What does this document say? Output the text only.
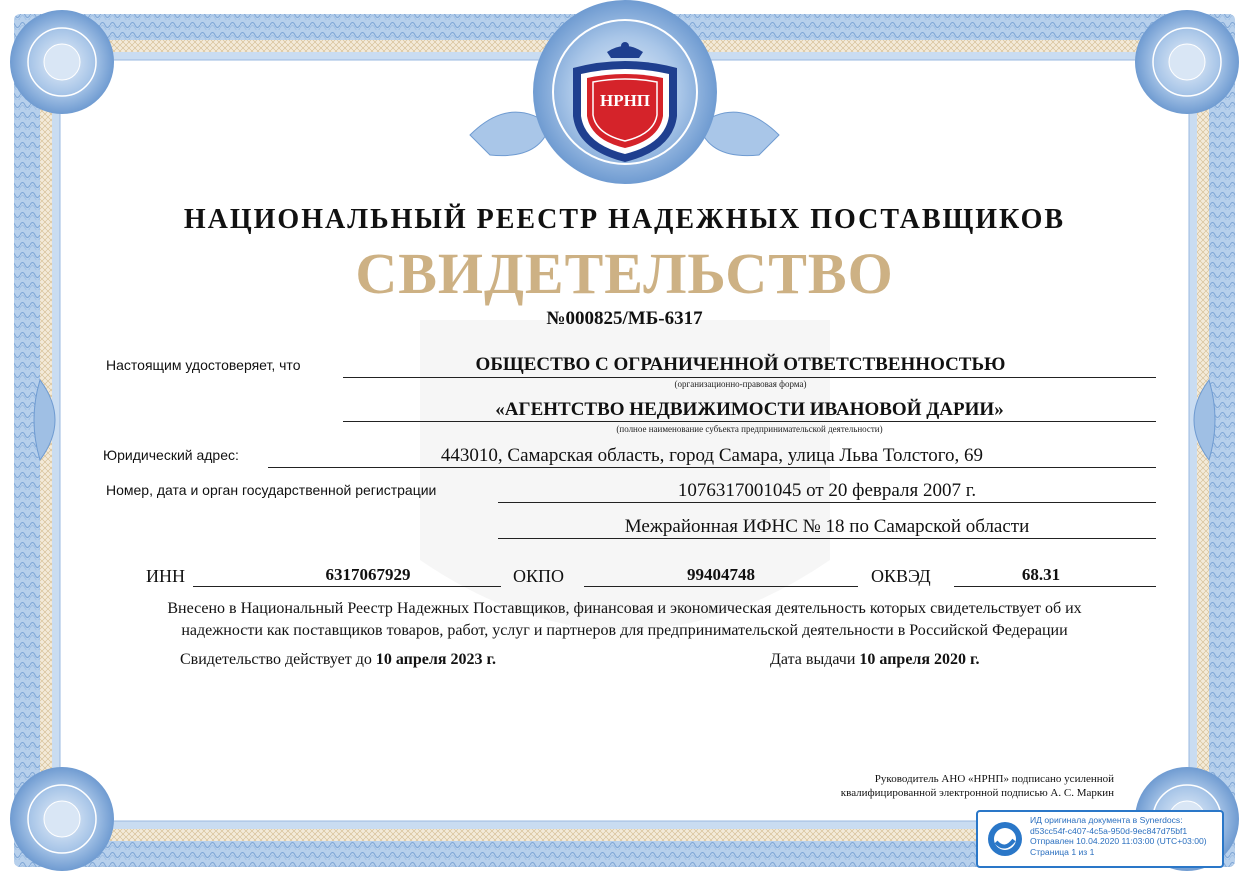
НРНП
НАЦИОНАЛЬНЫЙ РЕЕСТР НАДЕЖНЫХ ПОСТАВЩИКОВ
СВИДЕТЕЛЬСТВО
№000825/МБ-6317
Настоящим удостоверяет, что	ОБЩЕСТВО С ОГРАНИЧЕННОЙ ОТВЕТСТВЕННОСТЬЮ
(организационно-правовая форма)
«АГЕНТСТВО НЕДВИЖИМОСТИ ИВАНОВОЙ ДАРИИ»
(полное наименование субъекта предпринимательской деятельности)
Юридический адрес:	443010, Самарская область, город Самара, улица Льва Толстого, 69
Номер, дата и орган государственной регистрации	1076317001045 от 20 февраля 2007 г.
Межрайонная ИФНС № 18 по Самарской области
ИНН	6317067929	ОКПО	99404748	ОКВЭД	68.31
Внесено в Национальный Реестр Надежных Поставщиков, финансовая и экономическая деятельность которых свидетельствует об их
надежности как поставщиков товаров, работ, услуг и партнеров для предпринимательской деятельности в Российской Федерации
Свидетельство действует до 10 апреля 2023 г.	Дата выдачи 10 апреля 2020 г.
Руководитель АНО «НРНП» подписано усиленной
квалифицированной электронной подписью А. С. Маркин
ИД оригинала документа в Synerdocs:
d53cc54f-c407-4c5a-950d-9ec847d75bf1
Отправлен 10.04.2020 11:03:00 (UTC+03:00)
Страница 1 из 1
